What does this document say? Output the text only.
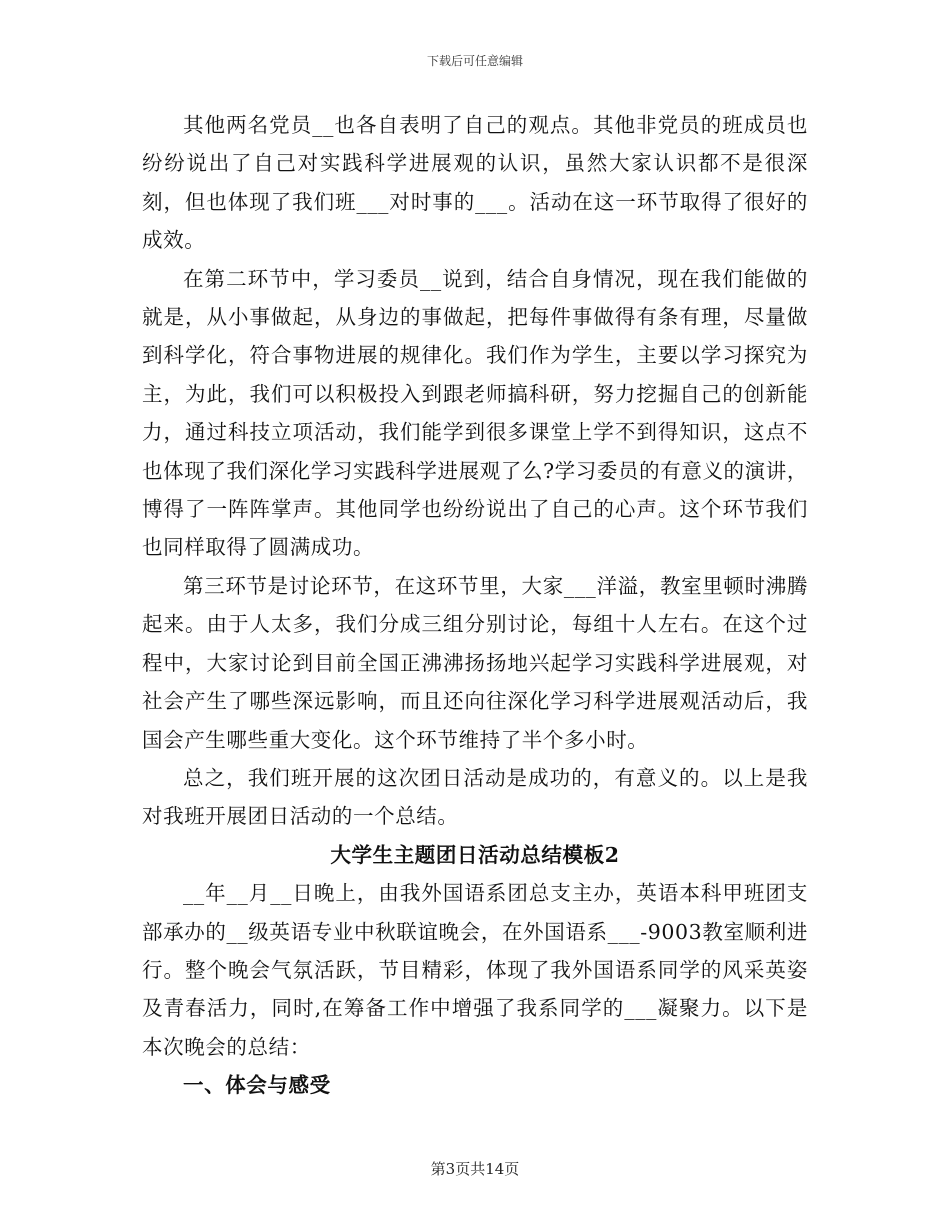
下载后可任意编辑

其他两名党员__也各自表明了自己的观点。其他非党员的班成员也纷纷说出了自己对实践科学进展观的认识，虽然大家认识都不是很深刻，但也体现了我们班___对时事的___。活动在这一环节取得了很好的成效。

在第二环节中，学习委员__说到，结合自身情况，现在我们能做的就是，从小事做起，从身边的事做起，把每件事做得有条有理，尽量做到科学化，符合事物进展的规律化。我们作为学生，主要以学习探究为主，为此，我们可以积极投入到跟老师搞科研，努力挖掘自己的创新能力，通过科技立项活动，我们能学到很多课堂上学不到得知识，这点不也体现了我们深化学习实践科学进展观了么?学习委员的有意义的演讲，博得了一阵阵掌声。其他同学也纷纷说出了自己的心声。这个环节我们也同样取得了圆满成功。

第三环节是讨论环节，在这环节里，大家___洋溢，教室里顿时沸腾起来。由于人太多，我们分成三组分别讨论，每组十人左右。在这个过程中，大家讨论到目前全国正沸沸扬扬地兴起学习实践科学进展观，对社会产生了哪些深远影响，而且还向往深化学习科学进展观活动后，我国会产生哪些重大变化。这个环节维持了半个多小时。

总之，我们班开展的这次团日活动是成功的，有意义的。以上是我对我班开展团日活动的一个总结。

大学生主题团日活动总结模板2

__年__月__日晚上，由我外国语系团总支主办，英语本科甲班团支部承办的__级英语专业中秋联谊晚会，在外国语系___-9003教室顺利进行。整个晚会气氛活跃，节目精彩，体现了我外国语系同学的风采英姿及青春活力，同时,在筹备工作中增强了我系同学的___凝聚力。以下是本次晚会的总结：

一、体会与感受
第3页共14页
